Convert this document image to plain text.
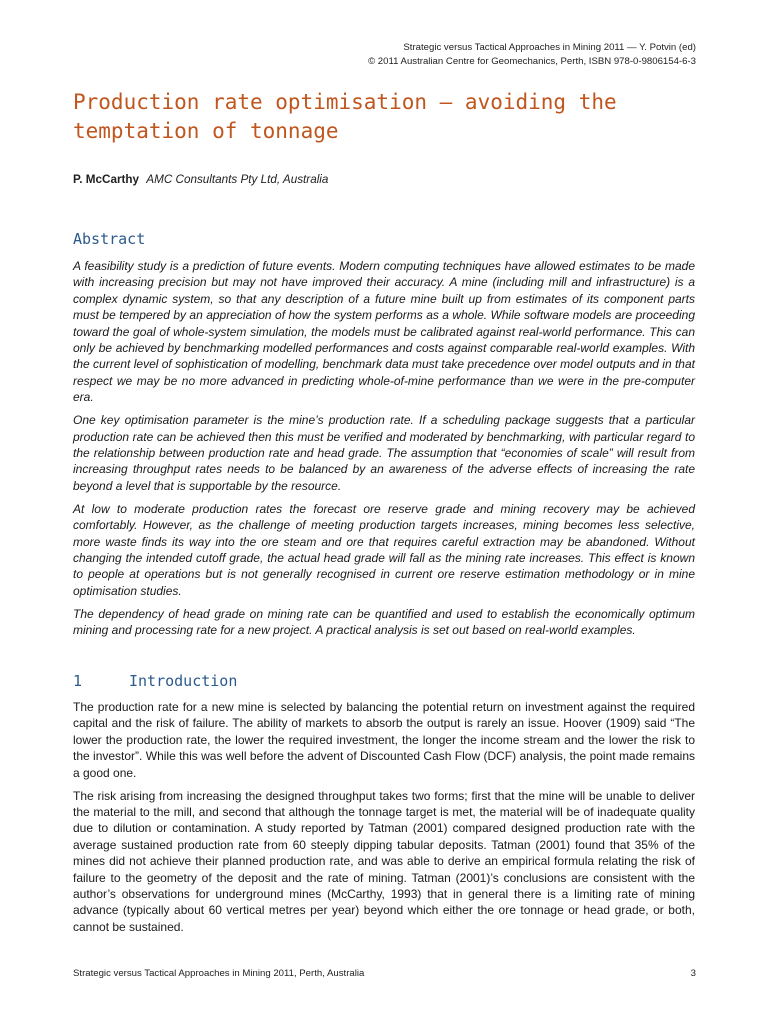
Strategic versus Tactical Approaches in Mining 2011 — Y. Potvin (ed)
© 2011 Australian Centre for Geomechanics, Perth, ISBN 978-0-9806154-6-3
Production rate optimisation – avoiding the
temptation of tonnage
P. McCarthy AMC Consultants Pty Ltd, Australia
Abstract

A feasibility study is a prediction of future events. Modern computing techniques have allowed estimates to be made with increasing precision but may not have improved their accuracy. A mine (including mill and infrastructure) is a complex dynamic system, so that any description of a future mine built up from estimates of its component parts must be tempered by an appreciation of how the system performs as a whole. While software models are proceeding toward the goal of whole-system simulation, the models must be calibrated against real-world performance. This can only be achieved by benchmarking modelled performances and costs against comparable real-world examples. With the current level of sophistication of modelling, benchmark data must take precedence over model outputs and in that respect we may be no more advanced in predicting whole-of-mine performance than we were in the pre-computer era.

One key optimisation parameter is the mine’s production rate. If a scheduling package suggests that a particular production rate can be achieved then this must be verified and moderated by benchmarking, with particular regard to the relationship between production rate and head grade. The assumption that “economies of scale” will result from increasing throughput rates needs to be balanced by an awareness of the adverse effects of increasing the rate beyond a level that is supportable by the resource.

At low to moderate production rates the forecast ore reserve grade and mining recovery may be achieved comfortably. However, as the challenge of meeting production targets increases, mining becomes less selective, more waste finds its way into the ore steam and ore that requires careful extraction may be abandoned. Without changing the intended cutoff grade, the actual head grade will fall as the mining rate increases. This effect is known to people at operations but is not generally recognised in current ore reserve estimation methodology or in mine optimisation studies.

The dependency of head grade on mining rate can be quantified and used to establish the economically optimum mining and processing rate for a new project. A practical analysis is set out based on real-world examples.

1	Introduction

The production rate for a new mine is selected by balancing the potential return on investment against the required capital and the risk of failure. The ability of markets to absorb the output is rarely an issue. Hoover (1909) said “The lower the production rate, the lower the required investment, the longer the income stream and the lower the risk to the investor”. While this was well before the advent of Discounted Cash Flow (DCF) analysis, the point made remains a good one.

The risk arising from increasing the designed throughput takes two forms; first that the mine will be unable to deliver the material to the mill, and second that although the tonnage target is met, the material will be of inadequate quality due to dilution or contamination. A study reported by Tatman (2001) compared designed production rate with the average sustained production rate from 60 steeply dipping tabular deposits. Tatman (2001) found that 35% of the mines did not achieve their planned production rate, and was able to derive an empirical formula relating the risk of failure to the geometry of the deposit and the rate of mining. Tatman (2001)’s conclusions are consistent with the author’s observations for underground mines (McCarthy, 1993) that in general there is a limiting rate of mining advance (typically about 60 vertical metres per year) beyond which either the ore tonnage or head grade, or both, cannot be sustained.

Strategic versus Tactical Approaches in Mining 2011, Perth, Australia	3
